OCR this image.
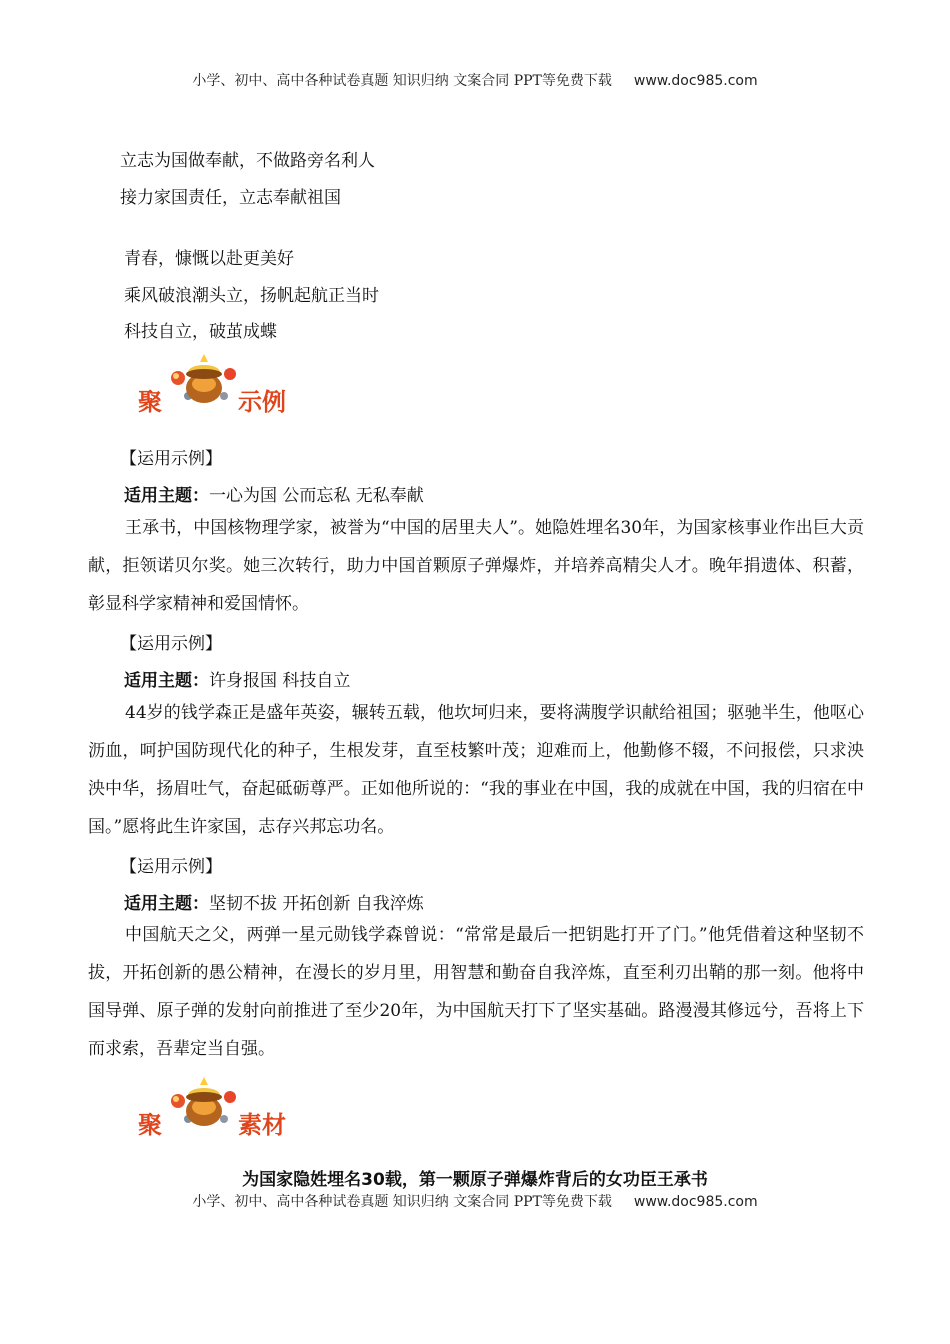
小学、初中、高中各种试卷真题 知识归纳 文案合同 PPT等免费下载 www.doc985.com
立志为国做奉献，不做路旁名利人
接力家国责任，立志奉献祖国
青春，慷慨以赴更美好
乘风破浪潮头立，扬帆起航正当时
科技自立，破茧成蝶
聚	示例
【运用示例】
适用主题：一心为国 公而忘私 无私奉献

王承书，中国核物理学家，被誉为“中国的居里夫人”。她隐姓埋名30年，为国家核事业作出巨大贡献，拒领诺贝尔奖。她三次转行，助力中国首颗原子弹爆炸，并培养高精尖人才。晚年捐遗体、积蓄，彰显科学家精神和爱国情怀。

【运用示例】
适用主题：许身报国 科技自立

44岁的钱学森正是盛年英姿，辗转五载，他坎坷归来，要将满腹学识献给祖国；驱驰半生，他呕心沥血，呵护国防现代化的种子，生根发芽，直至枝繁叶茂；迎难而上，他勤修不辍，不问报偿，只求泱泱中华，扬眉吐气，奋起砥砺尊严。正如他所说的：“我的事业在中国，我的成就在中国，我的归宿在中国。”愿将此生许家国，志存兴邦忘功名。

【运用示例】
适用主题：坚韧不拔 开拓创新 自我淬炼

中国航天之父，两弹一星元勋钱学森曾说：“常常是最后一把钥匙打开了门。”他凭借着这种坚韧不拔，开拓创新的愚公精神，在漫长的岁月里，用智慧和勤奋自我淬炼，直至利刃出鞘的那一刻。他将中国导弹、原子弹的发射向前推进了至少20年，为中国航天打下了坚实基础。路漫漫其修远兮，吾将上下而求索，吾辈定当自强。

聚	素材
为国家隐姓埋名30载，第一颗原子弹爆炸背后的女功臣王承书
小学、初中、高中各种试卷真题 知识归纳 文案合同 PPT等免费下载 www.doc985.com
